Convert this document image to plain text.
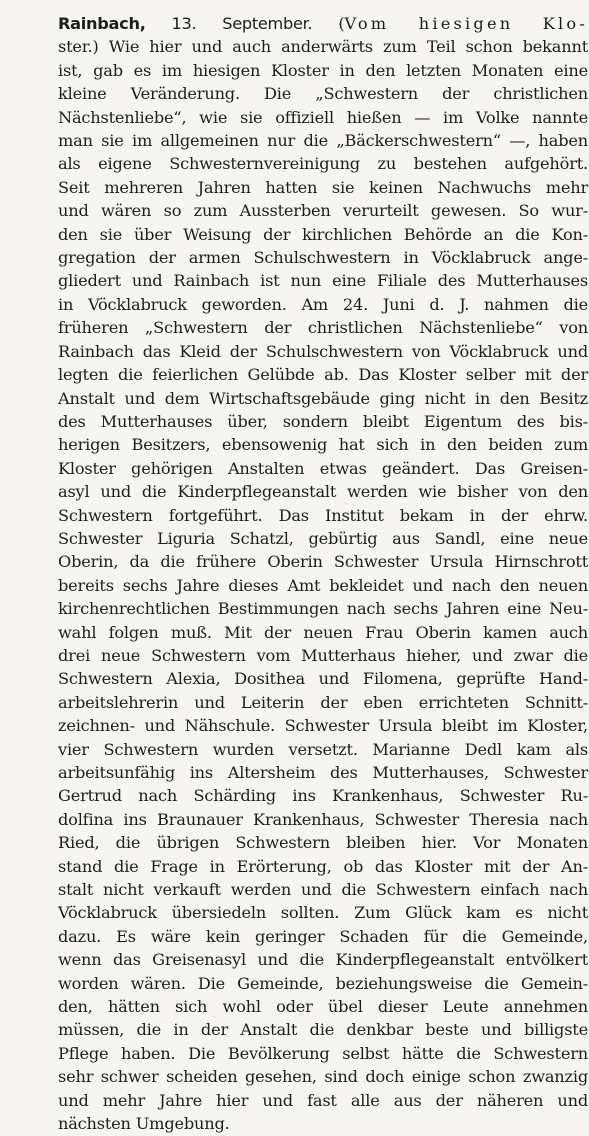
Rainbach, 13. September. (Vom hiesigen Klo-
ster.) Wie hier und auch anderwärts zum Teil schon bekannt
ist, gab es im hiesigen Kloster in den letzten Monaten eine
kleine Veränderung. Die „Schwestern der christlichen
Nächstenliebe“, wie sie offiziell hießen — im Volke nannte
man sie im allgemeinen nur die „Bäckerschwestern“ —, haben
als eigene Schwesternvereinigung zu bestehen aufgehört.
Seit mehreren Jahren hatten sie keinen Nachwuchs mehr
und wären so zum Aussterben verurteilt gewesen. So wur-
den sie über Weisung der kirchlichen Behörde an die Kon-
gregation der armen Schulschwestern in Vöcklabruck ange-
gliedert und Rainbach ist nun eine Filiale des Mutterhauses
in Vöcklabruck geworden. Am 24. Juni d. J. nahmen die
früheren „Schwestern der christlichen Nächstenliebe“ von
Rainbach das Kleid der Schulschwestern von Vöcklabruck und
legten die feierlichen Gelübde ab. Das Kloster selber mit der
Anstalt und dem Wirtschaftsgebäude ging nicht in den Besitz
des Mutterhauses über, sondern bleibt Eigentum des bis-
herigen Besitzers, ebensowenig hat sich in den beiden zum
Kloster gehörigen Anstalten etwas geändert. Das Greisen-
asyl und die Kinderpflegeanstalt werden wie bisher von den
Schwestern fortgeführt. Das Institut bekam in der ehrw.
Schwester Liguria Schatzl, gebürtig aus Sandl, eine neue
Oberin, da die frühere Oberin Schwester Ursula Hirnschrott
bereits sechs Jahre dieses Amt bekleidet und nach den neuen
kirchenrechtlichen Bestimmungen nach sechs Jahren eine Neu-
wahl folgen muß. Mit der neuen Frau Oberin kamen auch
drei neue Schwestern vom Mutterhaus hieher, und zwar die
Schwestern Alexia, Dosithea und Filomena, geprüfte Hand-
arbeitslehrerin und Leiterin der eben errichteten Schnitt-
zeichnen- und Nähschule. Schwester Ursula bleibt im Kloster,
vier Schwestern wurden versetzt. Marianne Dedl kam als
arbeitsunfähig ins Altersheim des Mutterhauses, Schwester
Gertrud nach Schärding ins Krankenhaus, Schwester Ru-
dolfina ins Braunauer Krankenhaus, Schwester Theresia nach
Ried, die übrigen Schwestern bleiben hier. Vor Monaten
stand die Frage in Erörterung, ob das Kloster mit der An-
stalt nicht verkauft werden und die Schwestern einfach nach
Vöcklabruck übersiedeln sollten. Zum Glück kam es nicht
dazu. Es wäre kein geringer Schaden für die Gemeinde,
wenn das Greisenasyl und die Kinderpflegeanstalt entvölkert
worden wären. Die Gemeinde, beziehungsweise die Gemein-
den, hätten sich wohl oder übel dieser Leute annehmen
müssen, die in der Anstalt die denkbar beste und billigste
Pflege haben. Die Bevölkerung selbst hätte die Schwestern
sehr schwer scheiden gesehen, sind doch einige schon zwanzig
und mehr Jahre hier und fast alle aus der näheren und
nächsten Umgebung.
